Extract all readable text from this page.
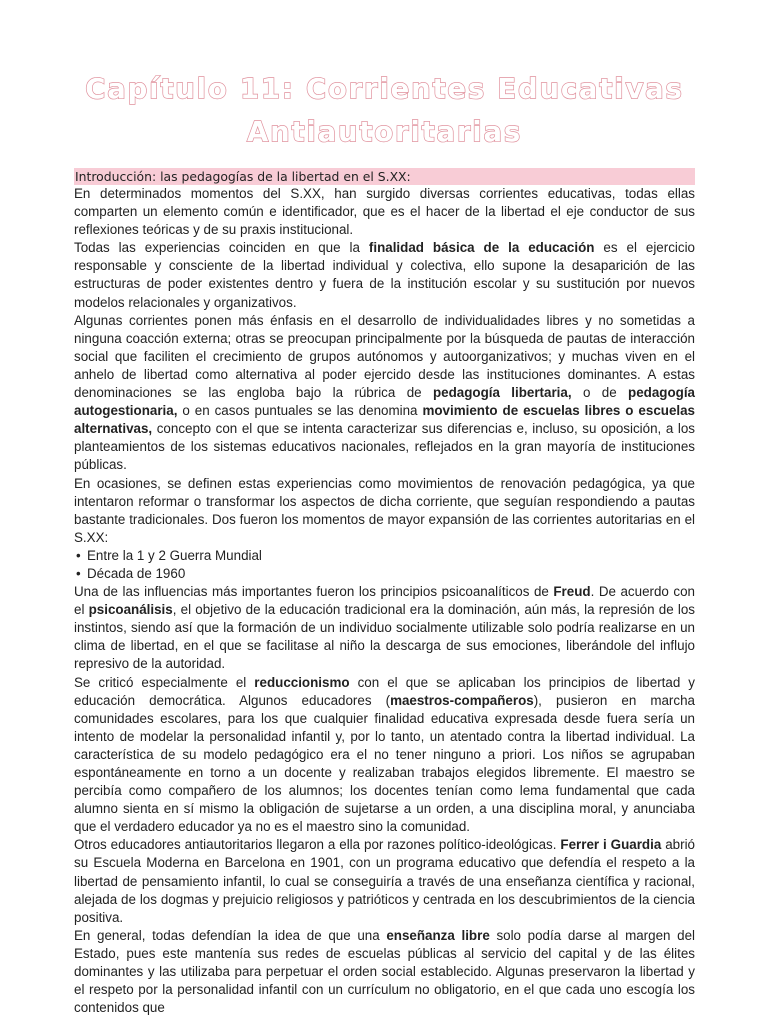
Capítulo 11: Corrientes Educativas
Antiautoritarias
Introducción: las pedagogías de la libertad en el S.XX:

En determinados momentos del S.XX, han surgido diversas corrientes educativas, todas ellas comparten un elemento común e identificador, que es el hacer de la libertad el eje conductor de sus reflexiones teóricas y de su praxis institucional.

Todas las experiencias coinciden en que la finalidad básica de la educación es el ejercicio responsable y consciente de la libertad individual y colectiva, ello supone la desaparición de las estructuras de poder existentes dentro y fuera de la institución escolar y su sustitución por nuevos modelos relacionales y organizativos.

Algunas corrientes ponen más énfasis en el desarrollo de individualidades libres y no sometidas a ninguna coacción externa; otras se preocupan principalmente por la búsqueda de pautas de interacción social que faciliten el crecimiento de grupos autónomos y autoorganizativos; y muchas viven en el anhelo de libertad como alternativa al poder ejercido desde las instituciones dominantes. A estas denominaciones se las engloba bajo la rúbrica de pedagogía libertaria, o de pedagogía autogestionaria, o en casos puntuales se las denomina movimiento de escuelas libres o escuelas alternativas, concepto con el que se intenta caracterizar sus diferencias e, incluso, su oposición, a los planteamientos de los sistemas educativos nacionales, reflejados en la gran mayoría de instituciones públicas.

En ocasiones, se definen estas experiencias como movimientos de renovación pedagógica, ya que intentaron reformar o transformar los aspectos de dicha corriente, que seguían respondiendo a pautas bastante tradicionales. Dos fueron los momentos de mayor expansión de las corrientes autoritarias en el S.XX:

• Entre la 1 y 2 Guerra Mundial
• Década de 1960

Una de las influencias más importantes fueron los principios psicoanalíticos de Freud. De acuerdo con el psicoanálisis, el objetivo de la educación tradicional era la dominación, aún más, la represión de los instintos, siendo así que la formación de un individuo socialmente utilizable solo podría realizarse en un clima de libertad, en el que se facilitase al niño la descarga de sus emociones, liberándole del influjo represivo de la autoridad.

Se criticó especialmente el reduccionismo con el que se aplicaban los principios de libertad y educación democrática. Algunos educadores (maestros-compañeros), pusieron en marcha comunidades escolares, para los que cualquier finalidad educativa expresada desde fuera sería un intento de modelar la personalidad infantil y, por lo tanto, un atentado contra la libertad individual. La característica de su modelo pedagógico era el no tener ninguno a priori. Los niños se agrupaban espontáneamente en torno a un docente y realizaban trabajos elegidos libremente. El maestro se percibía como compañero de los alumnos; los docentes tenían como lema fundamental que cada alumno sienta en sí mismo la obligación de sujetarse a un orden, a una disciplina moral, y anunciaba que el verdadero educador ya no es el maestro sino la comunidad.

Otros educadores antiautoritarios llegaron a ella por razones político-ideológicas. Ferrer i Guardia abrió su Escuela Moderna en Barcelona en 1901, con un programa educativo que defendía el respeto a la libertad de pensamiento infantil, lo cual se conseguiría a través de una enseñanza científica y racional, alejada de los dogmas y prejuicio religiosos y patrióticos y centrada en los descubrimientos de la ciencia positiva.

En general, todas defendían la idea de que una enseñanza libre solo podía darse al margen del Estado, pues este mantenía sus redes de escuelas públicas al servicio del capital y de las élites dominantes y las utilizaba para perpetuar el orden social establecido. Algunas preservaron la libertad y el respeto por la personalidad infantil con un currículum no obligatorio, en el que cada uno escogía los contenidos que
